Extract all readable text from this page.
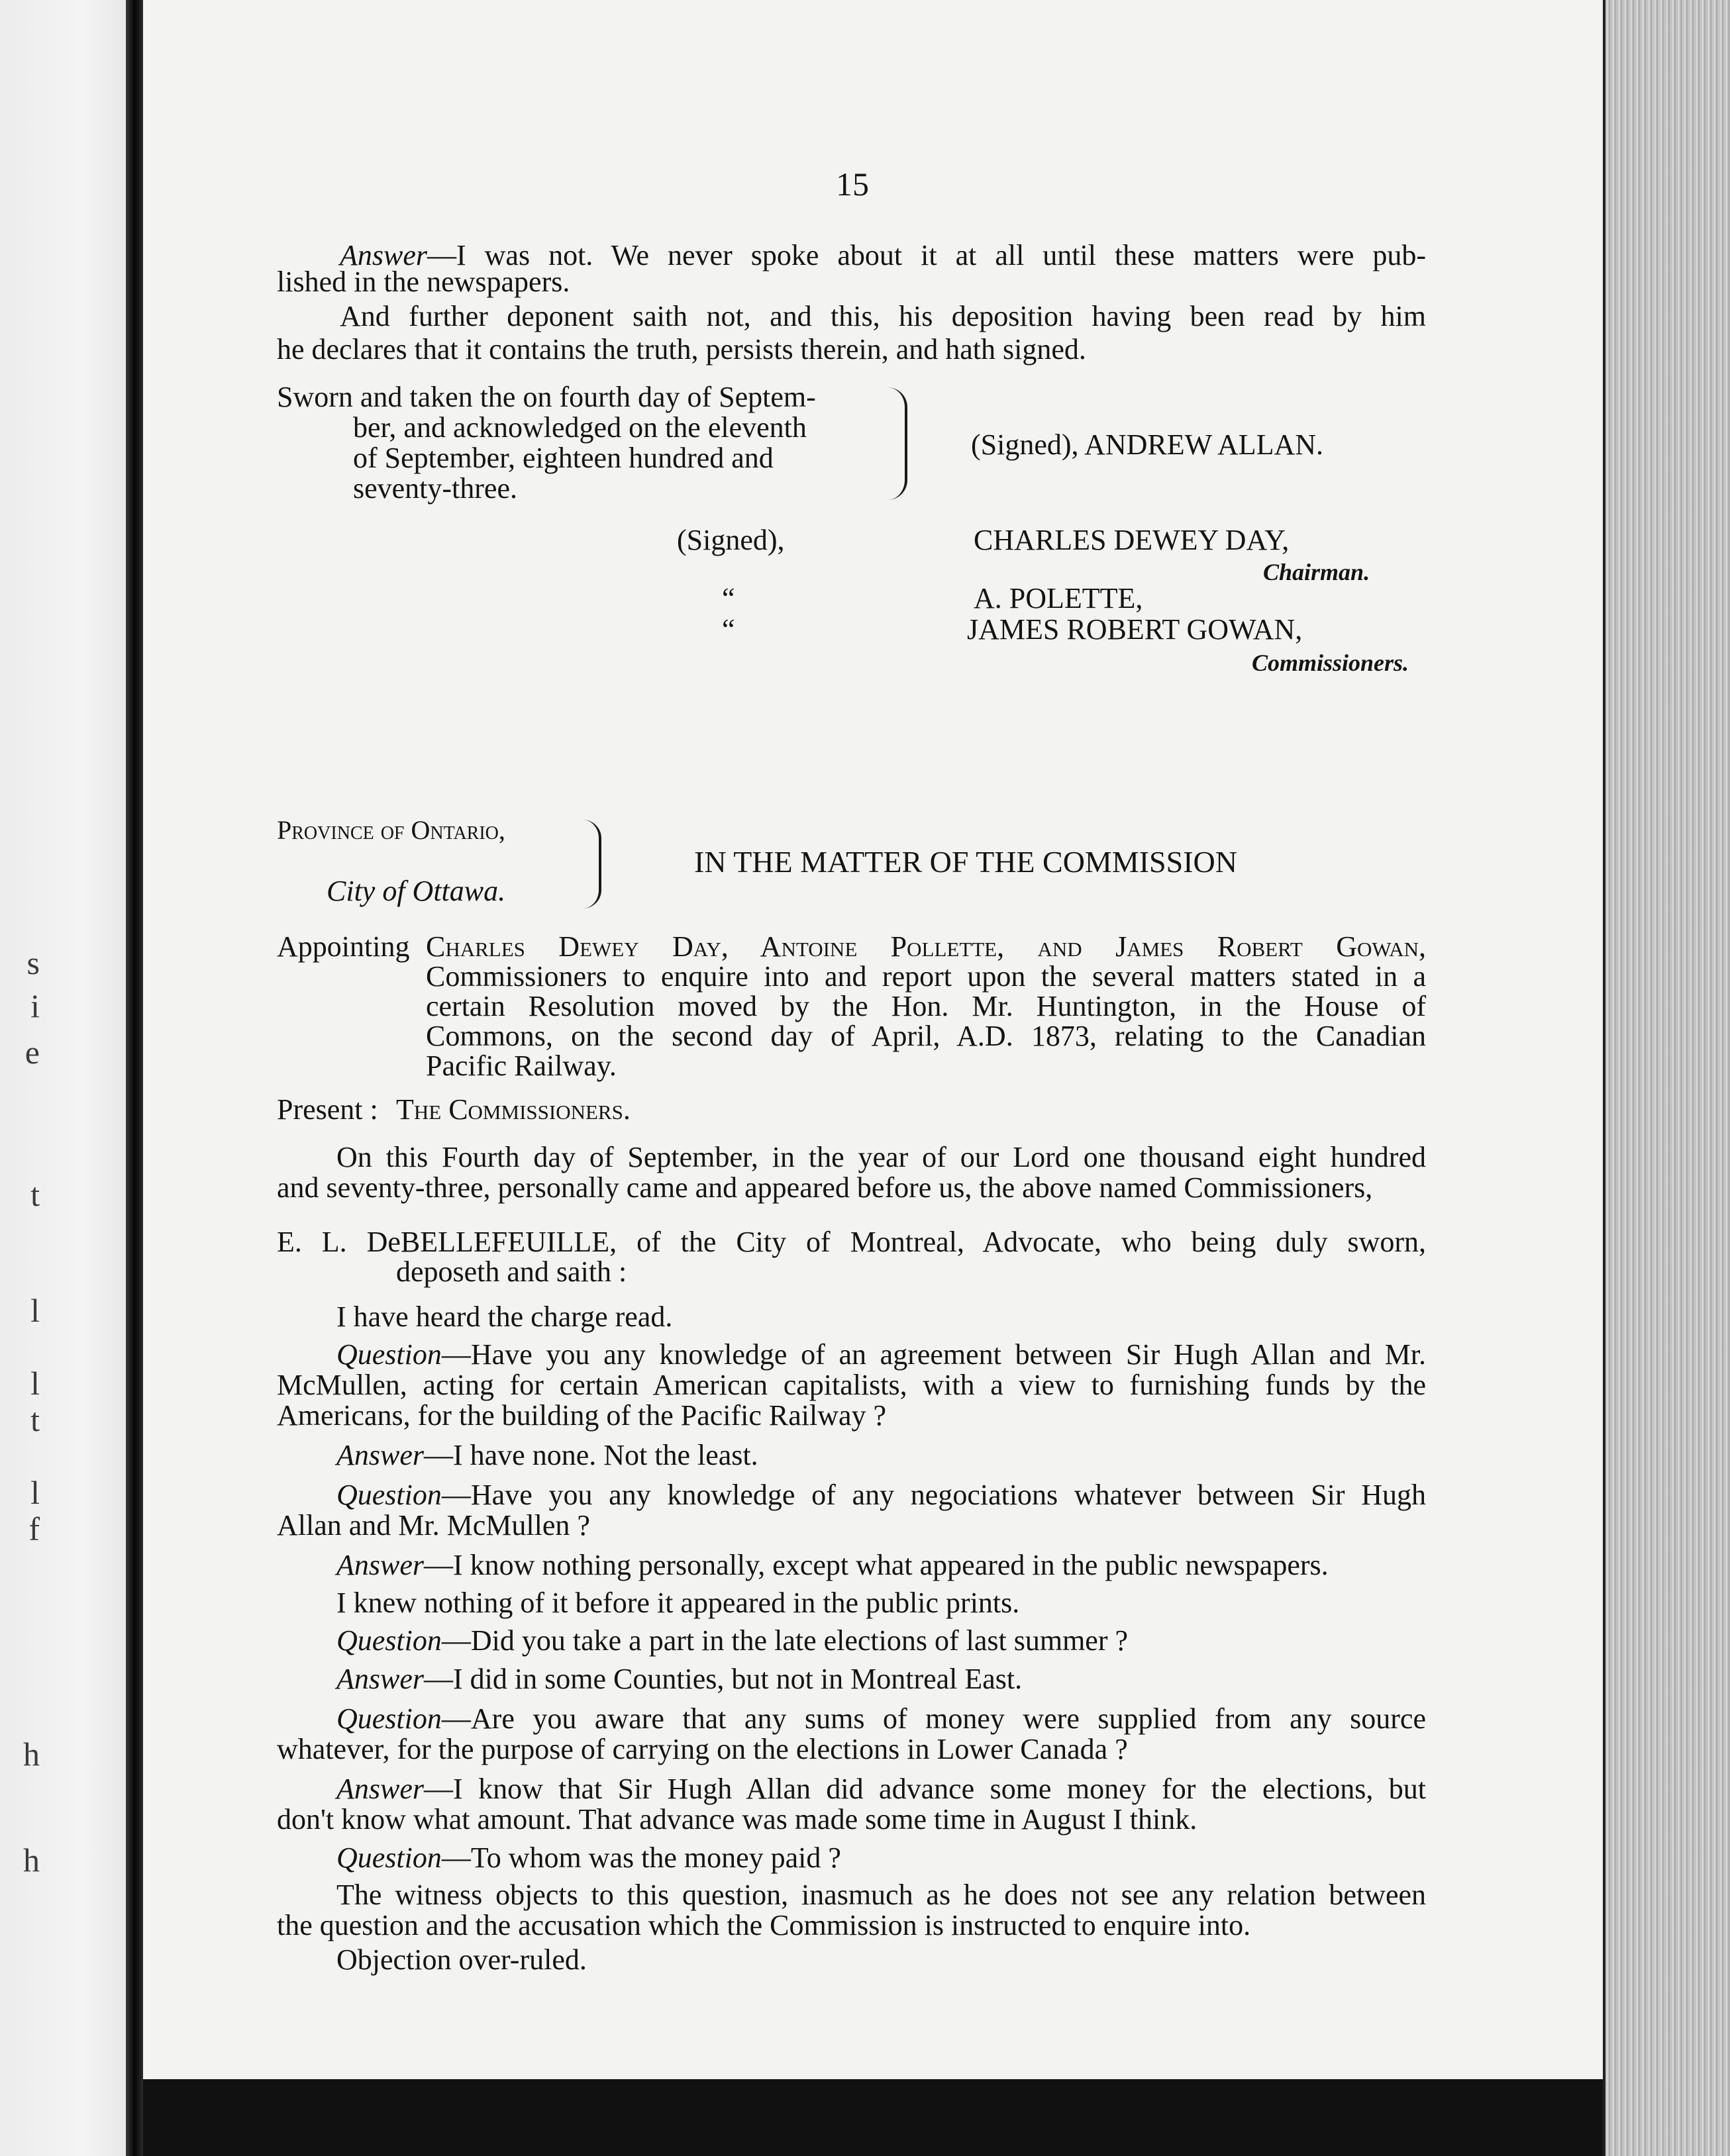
s
i
e
t
l
l
t
l
f
h
h
15
Answer—I was not. We never spoke about it at all until these matters were pub-
lished in the newspapers.
And further deponent saith not, and this, his deposition having been read by him
he declares that it contains the truth, persists therein, and hath signed.
Sworn and taken the on fourth day of Septem-
ber, and acknowledged on the eleventh
of September, eighteen hundred and
seventy-three.
(Signed), ANDREW ALLAN.
(Signed),	CHARLES DEWEY DAY,
Chairman.
“	A. POLETTE,
“	JAMES ROBERT GOWAN,
Commissioners.
Province of Ontario,
City of Ottawa.
IN THE MATTER OF THE COMMISSION
Appointing Charles Dewey Day, Antoine Pollette, and James Robert Gowan,
Commissioners to enquire into and report upon the several matters stated in a
certain Resolution moved by the Hon. Mr. Huntington, in the House of
Commons, on the second day of April, A.D. 1873, relating to the Canadian
Pacific Railway.
Present : The Commissioners.
On this Fourth day of September, in the year of our Lord one thousand eight hundred
and seventy-three, personally came and appeared before us, the above named Commissioners,
E. L. DeBELLEFEUILLE, of the City of Montreal, Advocate, who being duly sworn,
deposeth and saith :
I have heard the charge read.
Question—Have you any knowledge of an agreement between Sir Hugh Allan and Mr.
McMullen, acting for certain American capitalists, with a view to furnishing funds by the
Americans, for the building of the Pacific Railway ?
Answer—I have none. Not the least.
Question—Have you any knowledge of any negociations whatever between Sir Hugh
Allan and Mr. McMullen ?
Answer—I know nothing personally, except what appeared in the public newspapers.
I knew nothing of it before it appeared in the public prints.
Question—Did you take a part in the late elections of last summer ?
Answer—I did in some Counties, but not in Montreal East.
Question—Are you aware that any sums of money were supplied from any source
whatever, for the purpose of carrying on the elections in Lower Canada ?
Answer—I know that Sir Hugh Allan did advance some money for the elections, but
don't know what amount. That advance was made some time in August I think.
Question—To whom was the money paid ?
The witness objects to this question, inasmuch as he does not see any relation between
the question and the accusation which the Commission is instructed to enquire into.
Objection over-ruled.
